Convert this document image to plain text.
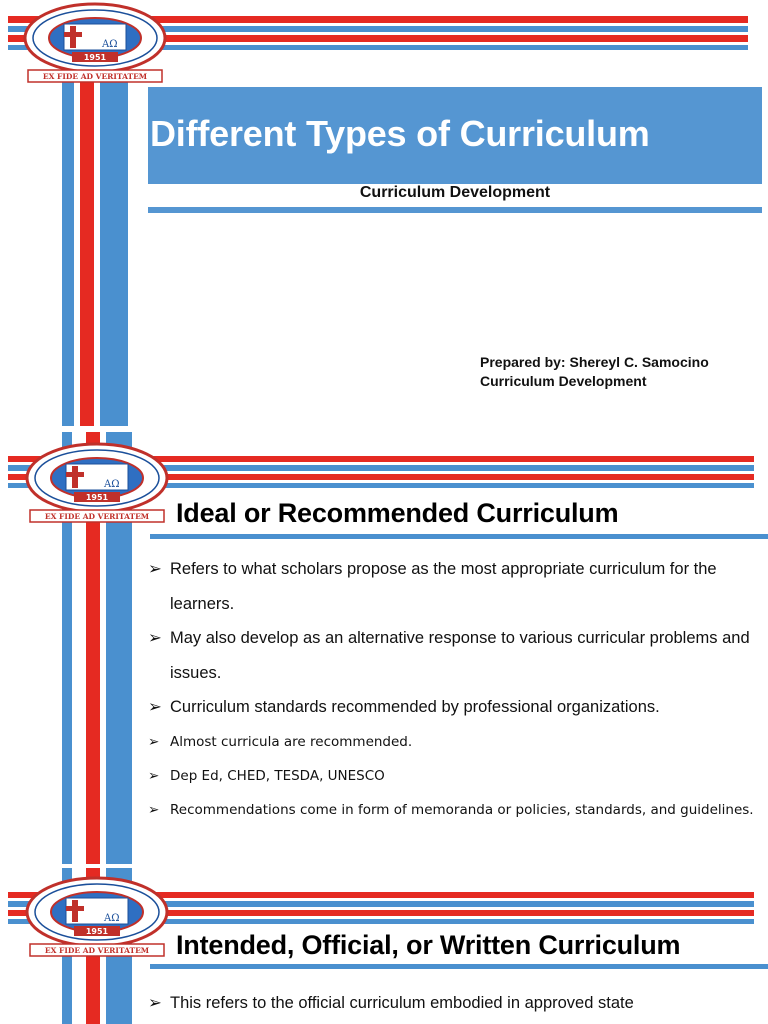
AΩ
1951
EX FIDE AD VERITATEM
Different Types of Curriculum
Curriculum Development
Prepared by: Shereyl C. Samocino
Curriculum Development
AΩ
1951
EX FIDE AD VERITATEM Ideal or Recommended Curriculum
➢ Refers to what scholars propose as the most appropriate curriculum for the learners.
➢ May also develop as an alternative response to various curricular problems and issues.
➢ Curriculum standards recommended by professional organizations.
➢ Almost curricula are recommended.
➢ Dep Ed, CHED, TESDA, UNESCO
➢ Recommendations come in form of memoranda or policies, standards, and guidelines.
AΩ
1951
EX FIDE AD VERITATEM Intended, Official, or Written Curriculum
➢ This refers to the official curriculum embodied in approved state
